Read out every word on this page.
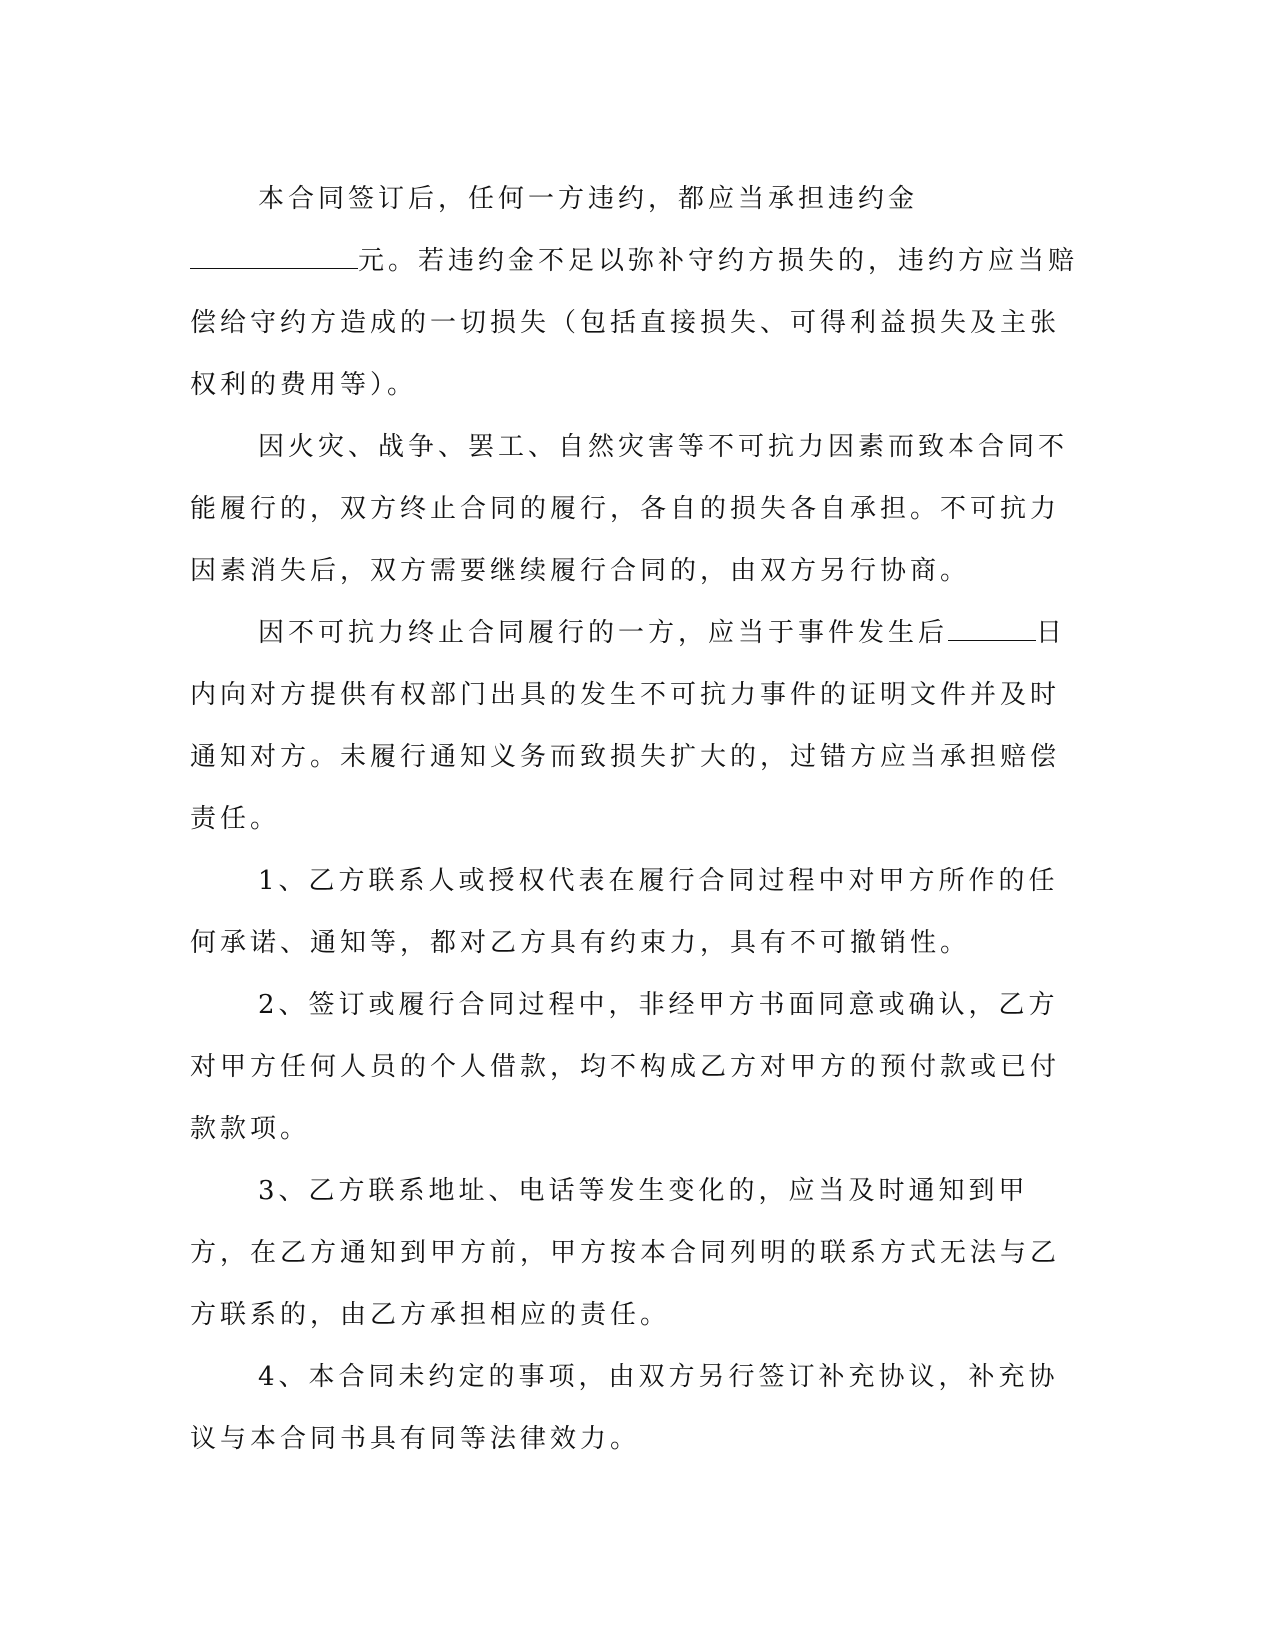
本合同签订后，任何一方违约，都应当承担违约金元。若违约金不足以弥补守约方损失的，违约方应当赔偿给守约方造成的一切损失（包括直接损失、可得利益损失及主张权利的费用等）。

因火灾、战争、罢工、自然灾害等不可抗力因素而致本合同不能履行的，双方终止合同的履行，各自的损失各自承担。不可抗力因素消失后，双方需要继续履行合同的，由双方另行协商。

因不可抗力终止合同履行的一方，应当于事件发生后	日内向对方提供有权部门出具的发生不可抗力事件的证明文件并及时通知对方。未履行通知义务而致损失扩大的，过错方应当承担赔偿责任。

1、乙方联系人或授权代表在履行合同过程中对甲方所作的任何承诺、通知等，都对乙方具有约束力，具有不可撤销性。

2、签订或履行合同过程中，非经甲方书面同意或确认，乙方对甲方任何人员的个人借款，均不构成乙方对甲方的预付款或已付款款项。

3、乙方联系地址、电话等发生变化的，应当及时通知到甲方，在乙方通知到甲方前，甲方按本合同列明的联系方式无法与乙方联系的，由乙方承担相应的责任。

4、本合同未约定的事项，由双方另行签订补充协议，补充协议与本合同书具有同等法律效力。
